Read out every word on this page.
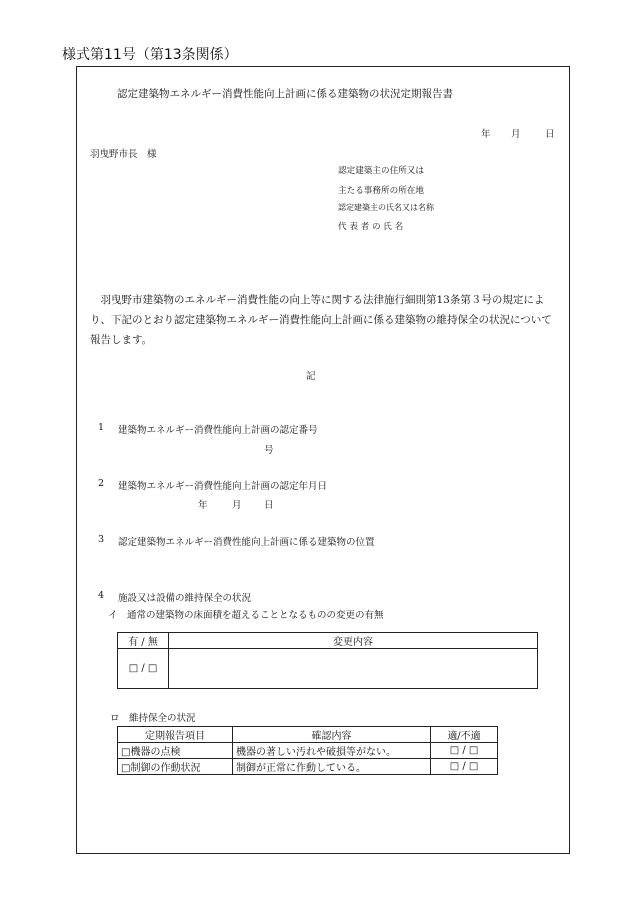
様式第11号（第13条関係）
認定建築物エネルギー消費性能向上計画に係る建築物の状況定期報告書
年 月	日
羽曳野市長　様
認定建築主の住所又は
主たる事務所の所在地
認定建築主の氏名又は名称
代 表 者 の 氏 名

羽曳野市建築物のエネルギー消費性能の向上等に関する法律施行細則第13条第３号の規定により、下記のとおり認定建築物エネルギー消費性能向上計画に係る建築物の維持保全の状況について報告します。

記
1 建築物エネルギー消費性能向上計画の認定番号
号
2 建築物エネルギー消費性能向上計画の認定年月日
年	月 日
3 認定建築物エネルギー消費性能向上計画に係る建築物の位置
4 施設又は設備の維持保全の状況
イ　通常の建築物の床面積を超えることとなるものの変更の有無
有 / 無	変更内容
□ / □	
ロ　維持保全の状況
定期報告項目	確認内容	適/不適
□機器の点検	機器の著しい汚れや破損等がない。	□ / □
□制御の作動状況	制御が正常に作動している。	□ / □
